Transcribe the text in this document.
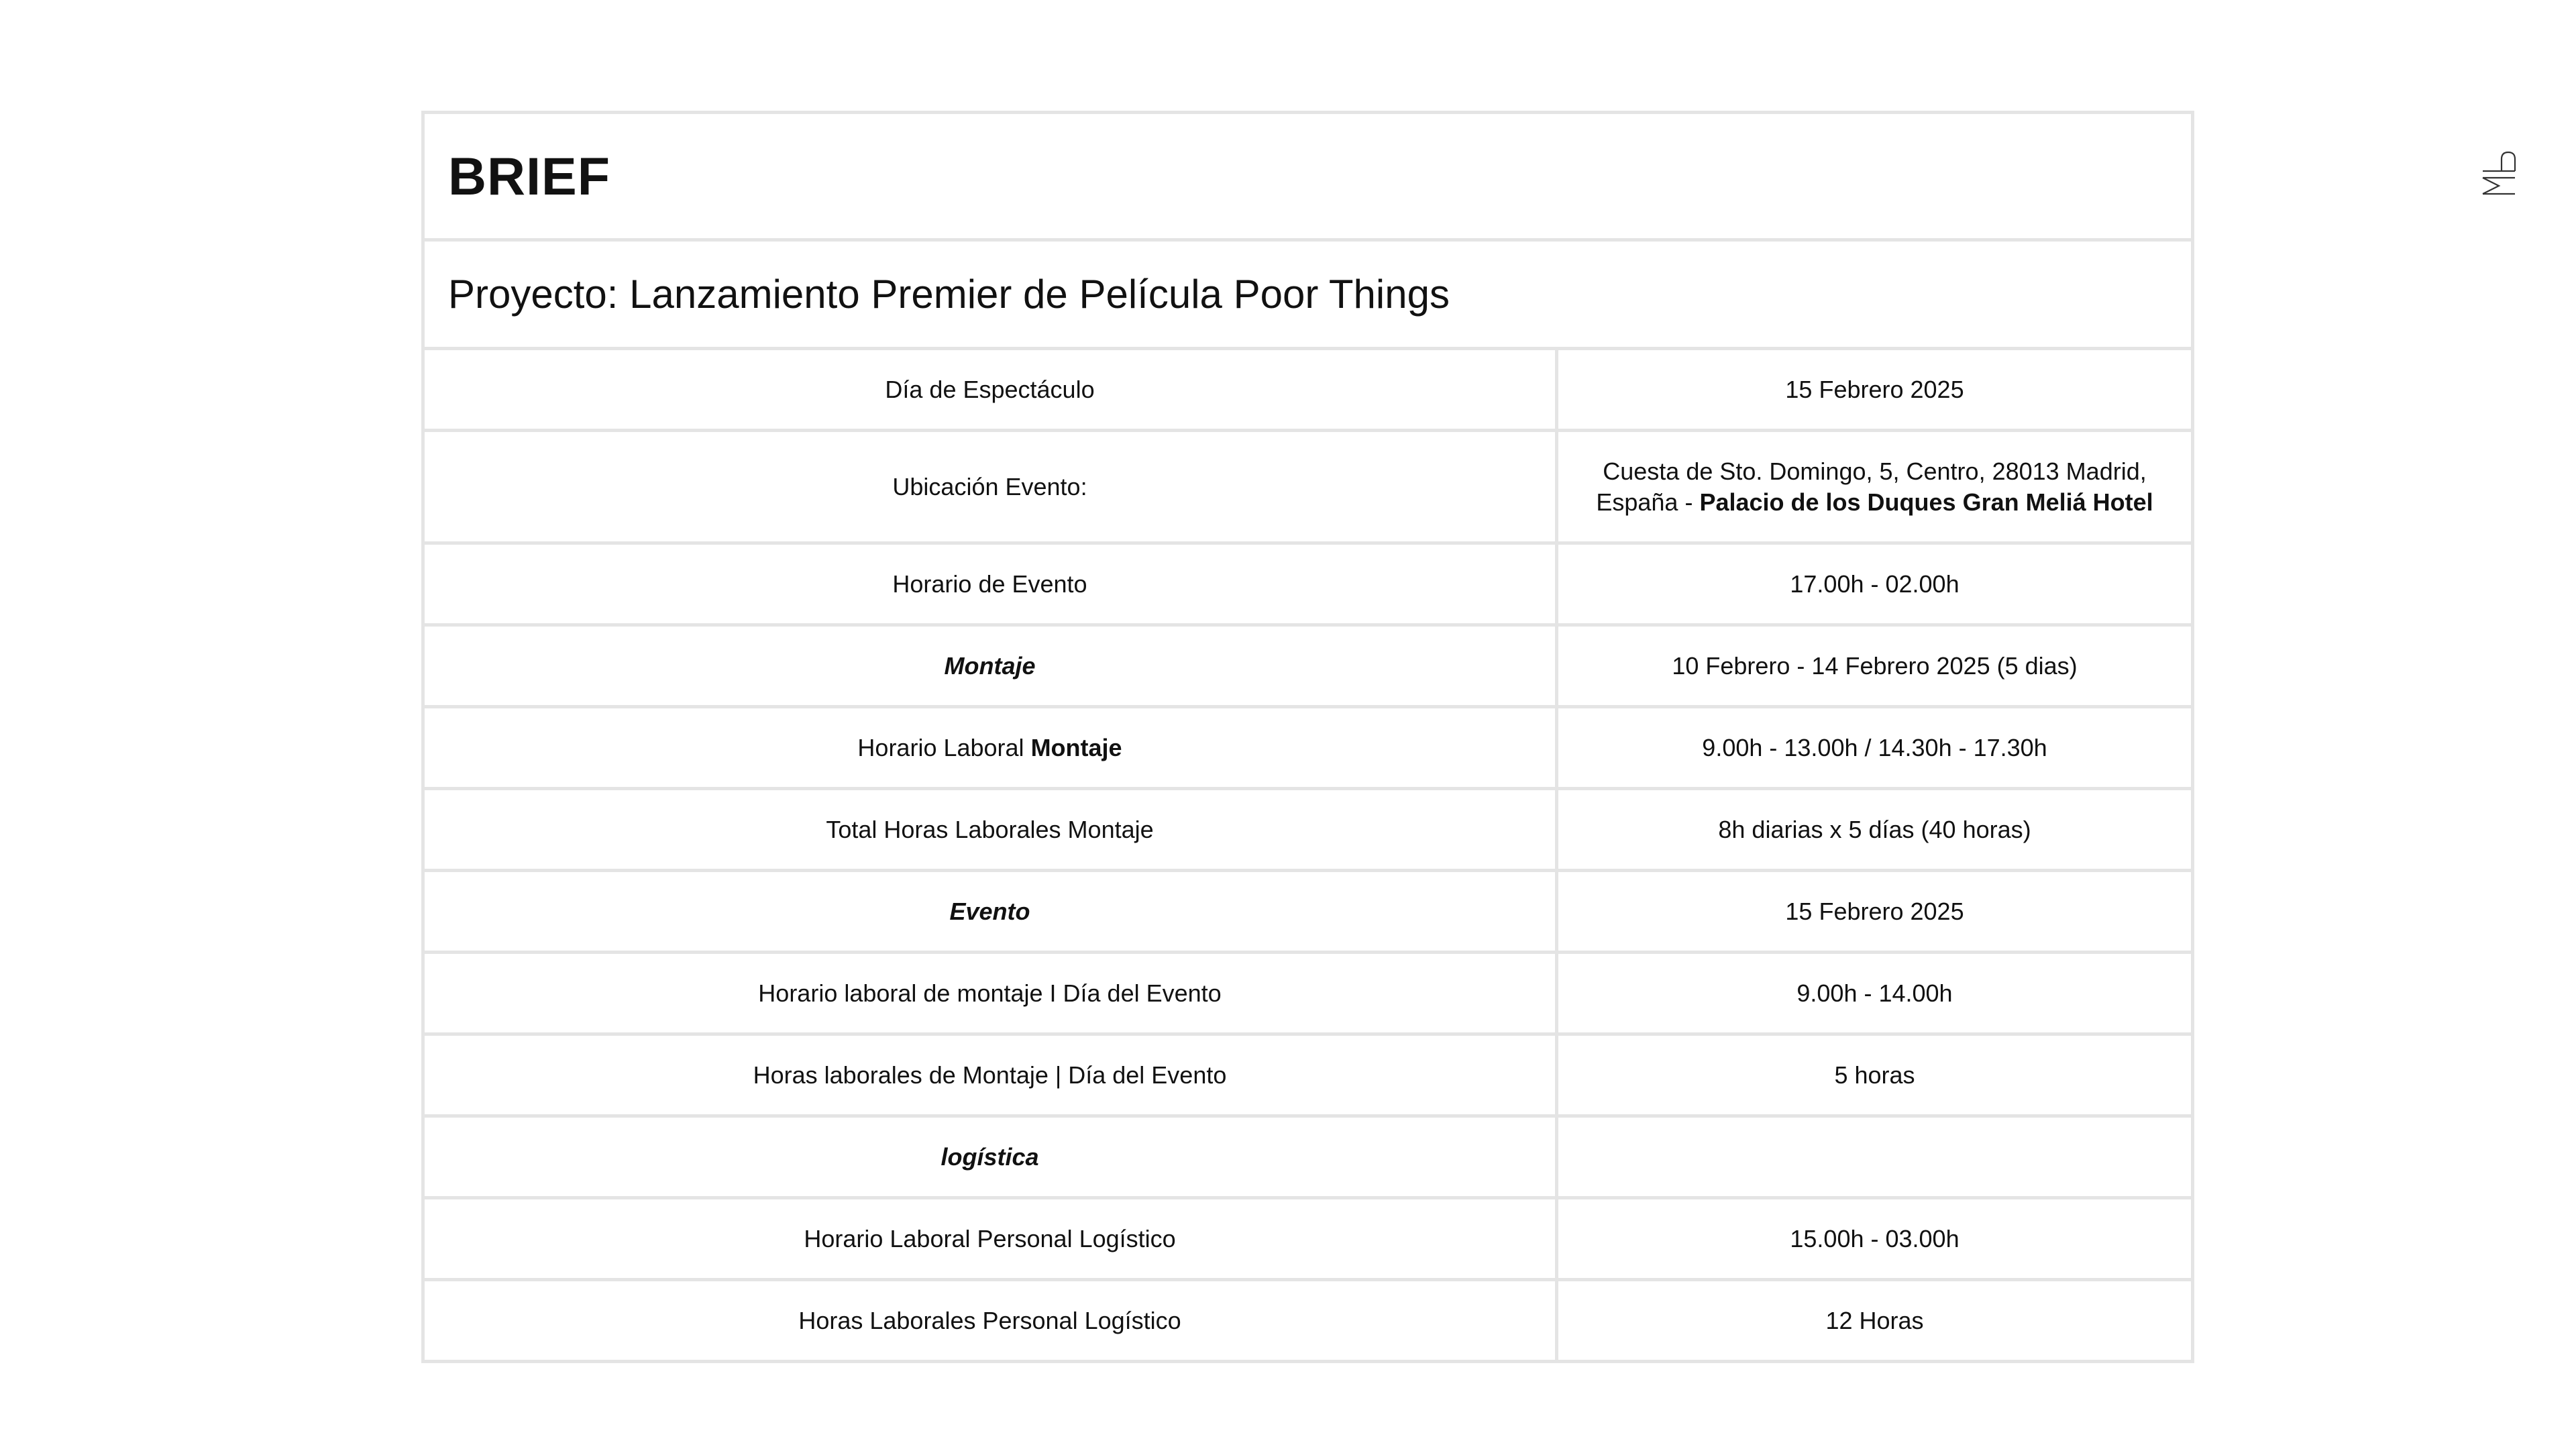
BRIEF	
Proyecto: Lanzamiento Premier de Película Poor Things	
Día de Espectáculo	15 Febrero 2025
Ubicación Evento:	Cuesta de Sto. Domingo, 5, Centro, 28013 Madrid,
España - Palacio de los Duques Gran Meliá Hotel
Horario de Evento	17.00h - 02.00h
Montaje	10 Febrero - 14 Febrero 2025 (5 dias)
Horario Laboral Montaje	9.00h - 13.00h / 14.30h - 17.30h
Total Horas Laborales Montaje	8h diarias x 5 días (40 horas)
Evento	15 Febrero 2025
Horario laboral de montaje I Día del Evento	9.00h - 14.00h
Horas laborales de Montaje | Día del Evento	5 horas
logística	
Horario Laboral Personal Logístico	15.00h - 03.00h
Horas Laborales Personal Logístico	12 Horas
